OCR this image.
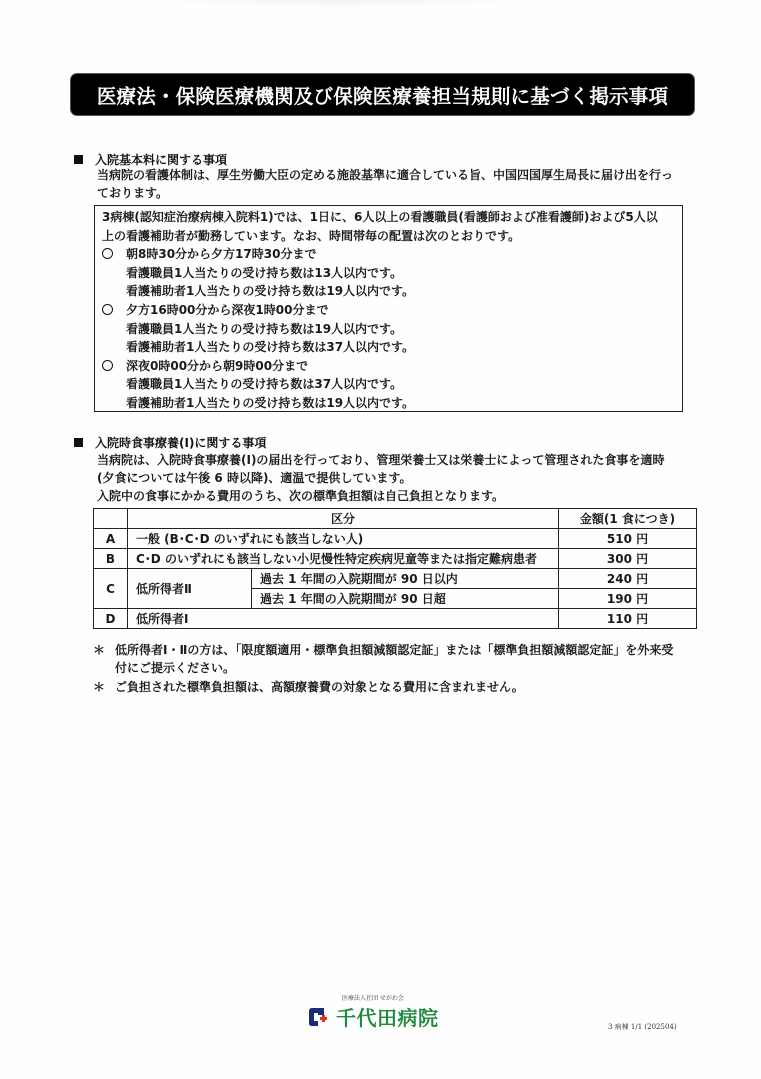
医療法・保険医療機関及び保険医療養担当規則に基づく掲示事項
入院基本料に関する事項
当病院の看護体制は、厚生労働大臣の定める施設基準に適合している旨、中国四国厚生局長に届け出を行っ
ております。
3病棟(認知症治療病棟入院料1)では、1日に、6人以上の看護職員(看護師および准看護師)および5人以
上の看護補助者が勤務しています。なお、時間帯毎の配置は次のとおりです。
朝8時30分から夕方17時30分まで
看護職員1人当たりの受け持ち数は13人以内です。
看護補助者1人当たりの受け持ち数は19人以内です。
夕方16時00分から深夜1時00分まで
看護職員1人当たりの受け持ち数は19人以内です。
看護補助者1人当たりの受け持ち数は37人以内です。
深夜0時00分から朝9時00分まで
看護職員1人当たりの受け持ち数は37人以内です。
看護補助者1人当たりの受け持ち数は19人以内です。
入院時食事療養(Ⅰ)に関する事項
当病院は、入院時食事療養(Ⅰ)の届出を行っており、管理栄養士又は栄養士によって管理された食事を適時
(夕食については午後 6 時以降)、適温で提供しています。
入院中の食事にかかる費用のうち、次の標準負担額は自己負担となります。
	区分		金額(1 食につき)
A	一般 (B･C･D のいずれにも該当しない人)		510 円
B	C･D のいずれにも該当しない小児慢性特定疾病児童等または指定難病患者		300 円
C	低所得者Ⅱ	過去 1 年間の入院期間が 90 日以内	240 円
		過去 1 年間の入院期間が 90 日超	190 円
D	低所得者Ⅰ		110 円
＊ 低所得者Ⅰ・Ⅱの方は、「限度額適用・標準負担額減額認定証」または「標準負担額減額認定証」を外来受
付にご提示ください。
＊ ご負担された標準負担額は、高額療養費の対象となる費用に含まれません。
医療法人社団 せがわ会
千代田病院	3 病棟 1/1 (202504)
